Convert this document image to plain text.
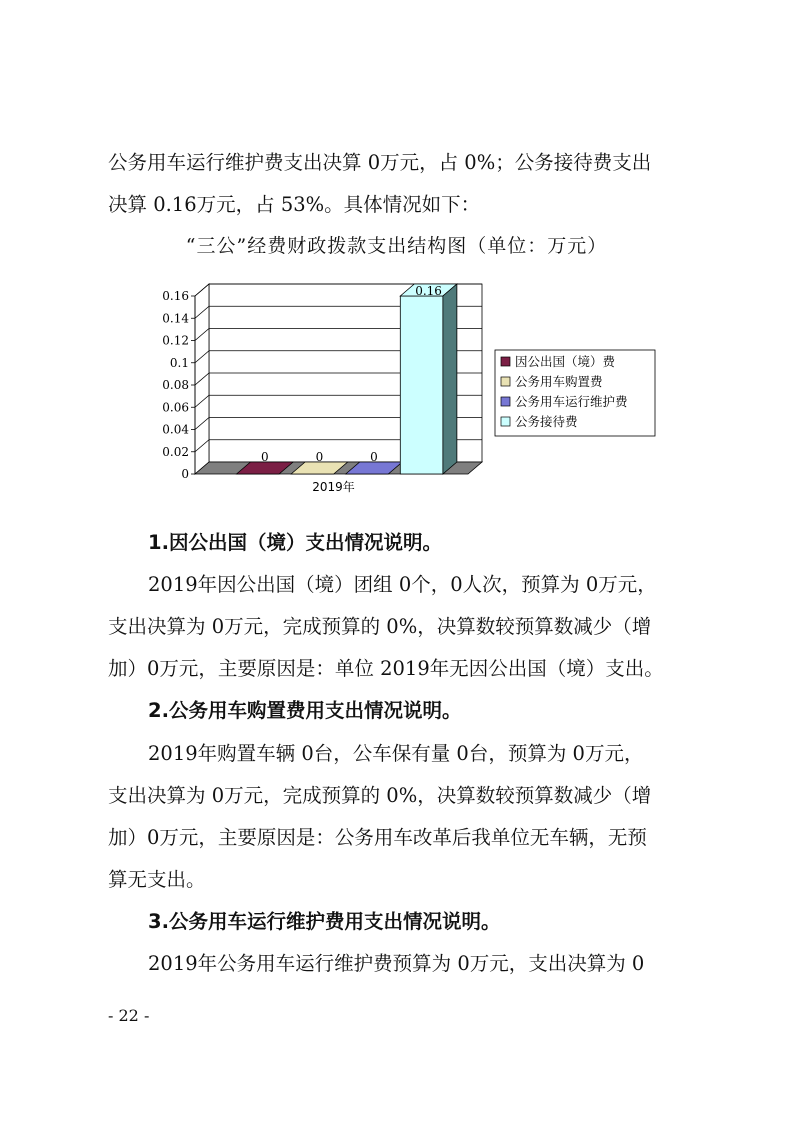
公务用车运行维护费支出决算 0万元，占 0%；公务接待费支出
决算 0.16万元，占 53%。具体情况如下：
“三公”经费财政拨款支出结构图（单位：万元）
0
0.02
0.04
0.06
0.08
0.1
0.12
0.14
0.16
0	0	0
0.16
2019年
因公出国（境）费
公务用车购置费
公务用车运行维护费
公务接待费
1.因公出国（境）支出情况说明。
2019年因公出国（境）团组 0个，0人次，预算为 0万元，
支出决算为 0万元，完成预算的 0%，决算数较预算数减少（增
加）0万元，主要原因是：单位 2019年无因公出国（境）支出。
2.公务用车购置费用支出情况说明。
2019年购置车辆 0台，公车保有量 0台，预算为 0万元，
支出决算为 0万元，完成预算的 0%，决算数较预算数减少（增
加）0万元，主要原因是：公务用车改革后我单位无车辆，无预
算无支出。
3.公务用车运行维护费用支出情况说明。
2019年公务用车运行维护费预算为 0万元，支出决算为 0
- 22 -
